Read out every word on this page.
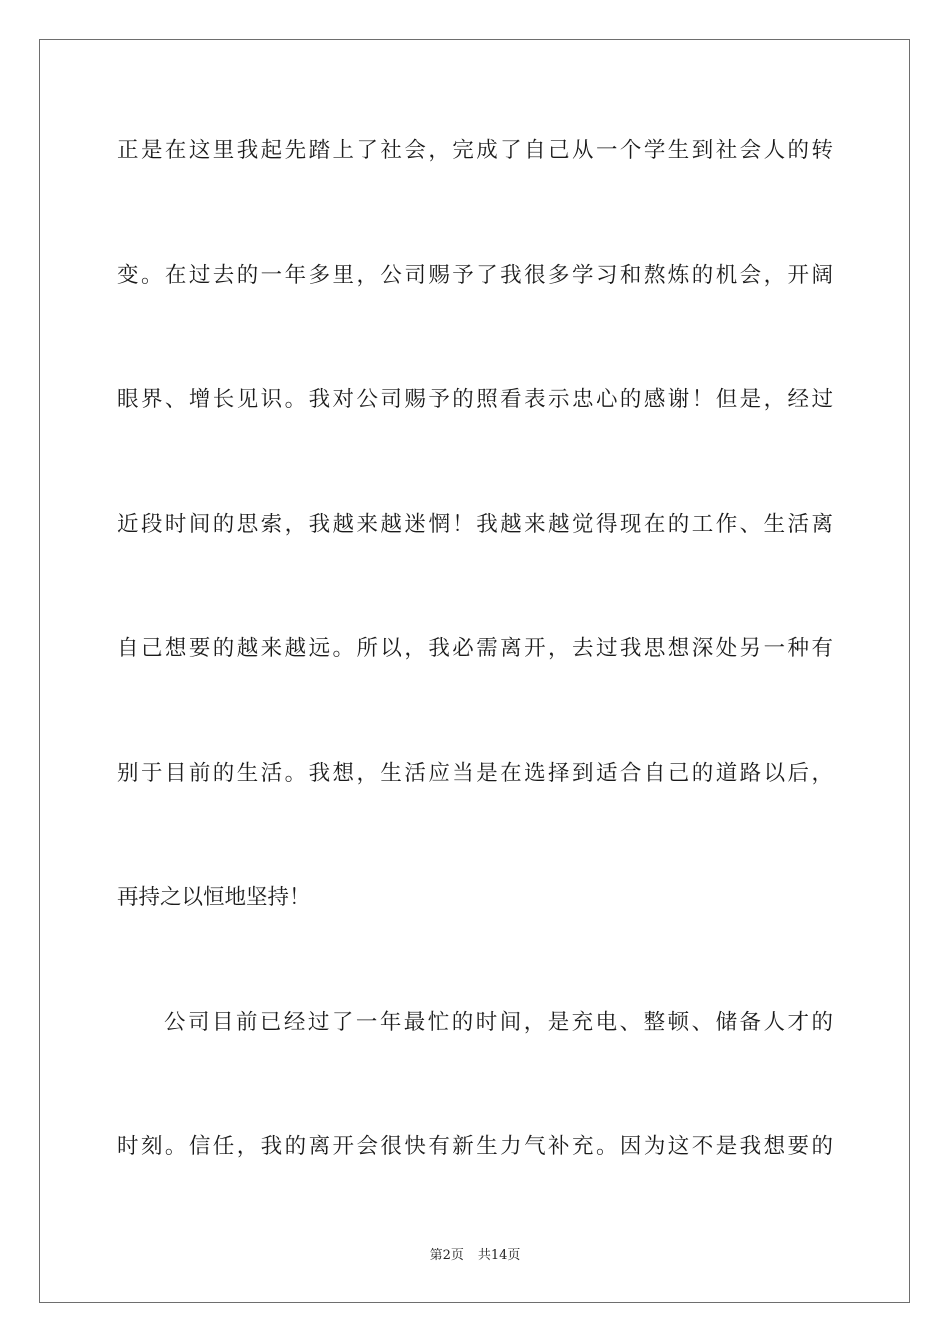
正是在这里我起先踏上了社会，完成了自己从一个学生到社会人的转
变。在过去的一年多里，公司赐予了我很多学习和熬炼的机会，开阔
眼界、增长见识。我对公司赐予的照看表示忠心的感谢！但是，经过
近段时间的思索，我越来越迷惘！我越来越觉得现在的工作、生活离
自己想要的越来越远。所以，我必需离开，去过我思想深处另一种有
别于目前的生活。我想，生活应当是在选择到适合自己的道路以后，
再持之以恒地坚持！
公司目前已经过了一年最忙的时间，是充电、整顿、储备人才的
时刻。信任，我的离开会很快有新生力气补充。因为这不是我想要的
第2页 共14页
